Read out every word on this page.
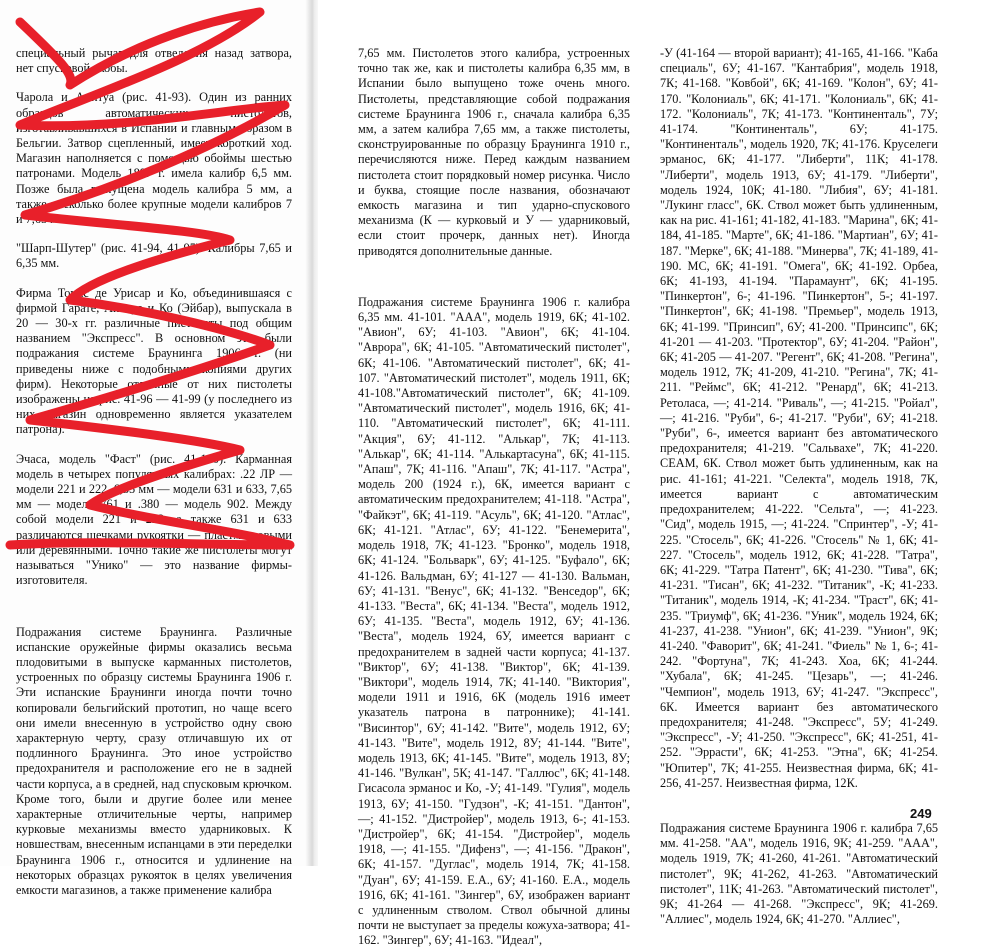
специальный рычаг для отведения назад затвора, нет спусковой скобы.

Чарола и Анитуа (рис. 41-93). Один из ранних образцов автоматических пистолетов, изготавливавшихся в Испании и главным образом в Бельгии. Затвор сцепленный, имеет короткий ход. Магазин наполняется с помощью обоймы шестью патронами. Модель 1897 г. имела калибр 6,5 мм. Позже была выпущена модель калибра 5 мм, а также несколько более крупные модели калибров 7 и 7,65 мм.

"Шарп-Шутер" (рис. 41-94, 41-95). Калибры 7,65 и 6,35 мм.

Фирма Томас де Урисар и Ко, объединившаяся с фирмой Гарате, Анитуа и Ко (Эйбар), выпускала в 20 — 30-х гг. различные пистолеты под общим названием "Экспресс". В основном это были подражания системе Браунинга 1906 г. (ни приведены ниже с подобными копиями других фирм). Некоторые отличные от них пистолеты изображены на рис. 41-96 — 41-99 (у последнего из них магазин одновременно является указателем патрона).

Эчаса, модель "Фаст" (рис. 41-100). Карманная модель в четырех популярных калибрах: .22 ЛР — модели 221 и 222, 6,35 мм — модели 631 и 633, 7,65 мм — модели 761 и .380 — модель 902. Между собой модели 221 и 222, а также 631 и 633 различаются щечками рукоятки — пластмассовыми или деревянными. Точно такие же пистолеты могут называться "Унико" — это название фирмы-изготовителя.

Подражания системе Браунинга. Различные испанские оружейные фирмы оказались весьма плодовитыми в выпуске карманных пистолетов, устроенных по образцу системы Браунинга 1906 г. Эти испанские Браунинги иногда почти точно копировали бельгийский прототип, но чаще всего они имели внесенную в устройство одну свою характерную черту, сразу отличавшую их от подлинного Браунинга. Это иное устройство предохранителя и расположение его не в задней части корпуса, а в средней, над спусковым крючком. Кроме того, были и другие более или менее характерные отличительные черты, например курковые механизмы вместо ударниковых. К новшествам, внесенным испанцами в эти переделки Браунинга 1906 г., относится и удлинение на некоторых образцах рукояток в целях увеличения емкости магазинов, а также применение калибра

7,65 мм. Пистолетов этого калибра, устроенных точно так же, как и пистолеты калибра 6,35 мм, в Испании было выпущено тоже очень много. Пистолеты, представляющие собой подражания системе Браунинга 1906 г., сначала калибра 6,35 мм, а затем калибра 7,65 мм, а также пистолеты, сконструированные по образцу Браунинга 1910 г., перечисляются ниже. Перед каждым названием пистолета стоит порядковый номер рисунка. Число и буква, стоящие после названия, обозначают емкость магазина и тип ударно-спускового механизма (К — курковый и У — ударниковый, если стоит прочерк, данных нет). Иногда приводятся дополнительные данные.

Подражания системе Браунинга 1906 г. калибра 6,35 мм. 41-101. "ААА", модель 1919, 6К; 41-102. "Авион", 6У; 41-103. "Авион", 6К; 41-104. "Аврора", 6К; 41-105. "Автоматический пистолет", 6К; 41-106. "Автоматический пистолет", 6К; 41-107. "Автоматический пистолет", модель 1911, 6К; 41-108."Автоматический пистолет", 6К; 41-109. "Автоматический пистолет", модель 1916, 6К; 41-110. "Автоматический пистолет", 6К; 41-111. "Акция", 6У; 41-112. "Алькар", 7К; 41-113. "Алькар", 6К; 41-114. "Алькартасуна", 6К; 41-115. "Апаш", 7К; 41-116. "Апаш", 7К; 41-117. "Астра", модель 200 (1924 г.), 6К, имеется вариант с автоматическим предохранителем; 41-118. "Астра", "Файкэт", 6К; 41-119. "Асуль", 6К; 41-120. "Атлас", 6К; 41-121. "Атлас", 6У; 41-122. "Бенемерита", модель 1918, 7К; 41-123. "Бронко", модель 1918, 6К; 41-124. "Больварк", 6У; 41-125. "Буфало", 6К; 41-126. Вальдман, 6У; 41-127 — 41-130. Вальман, 6У; 41-131. "Венус", 6К; 41-132. "Венседор", 6К; 41-133. "Веста", 6К; 41-134. "Веста", модель 1912, 6У; 41-135. "Веста", модель 1912, 6У; 41-136. "Веста", модель 1924, 6У, имеется вариант с предохранителем в задней части корпуса; 41-137. "Виктор", 6У; 41-138. "Виктор", 6К; 41-139. "Виктори", модель 1914, 7К; 41-140. "Виктория", модели 1911 и 1916, 6К (модель 1916 имеет указатель патрона в патроннике); 41-141. "Висинтор", 6У; 41-142. "Вите", модель 1912, 6У; 41-143. "Вите", модель 1912, 8У; 41-144. "Вите", модель 1913, 6К; 41-145. "Вите", модель 1913, 8У; 41-146. "Вулкан", 5К; 41-147. "Галлюс", 6К; 41-148. Гисасола эрманос и Ко, -У; 41-149. "Гулия", модель 1913, 6У; 41-150. "Гудзон", -К; 41-151. "Дантон", —; 41-152. "Дистройер", модель 1913, 6-; 41-153. "Дистройер", 6К; 41-154. "Дистройер", модель 1918, —; 41-155. "Дифенз", —; 41-156. "Дракон", 6К; 41-157. "Дуглас", модель 1914, 7К; 41-158. "Дуан", 6У; 41-159. Е.А., 6У; 41-160. Е.А., модель 1916, 6К; 41-161. "Зингер", 6У, изображен вариант с удлиненным стволом. Ствол обычной длины почти не выступает за пределы кожуха-затвора; 41-162. "Зингер", 6У; 41-163. "Идеал",

-У (41-164 — второй вариант); 41-165, 41-166. "Каба специаль", 6У; 41-167. "Кантабрия", модель 1918, 7К; 41-168. "Ковбой", 6К; 41-169. "Колон", 6У; 41-170. "Колониаль", 6К; 41-171. "Колониаль", 6К; 41-172. "Колониаль", 7К; 41-173. "Континенталь", 7У; 41-174. "Континенталь", 6У; 41-175. "Континенталь", модель 1920, 7К; 41-176. Круселеги эрманос, 6К; 41-177. "Либерти", 11К; 41-178. "Либерти", модель 1913, 6У; 41-179. "Либерти", модель 1924, 10К; 41-180. "Либия", 6У; 41-181. "Лукинг гласс", 6К. Ствол может быть удлиненным, как на рис. 41-161; 41-182, 41-183. "Марина", 6К; 41-184, 41-185. "Марте", 6К; 41-186. "Мартиан", 6У; 41-187. "Мерке", 6К; 41-188. "Минерва", 7К; 41-189, 41-190. МС, 6К; 41-191. "Омега", 6К; 41-192. Орбеа, 6К; 41-193, 41-194. "Парамаунт", 6К; 41-195. "Пинкертон", 6-; 41-196. "Пинкертон", 5-; 41-197. "Пинкертон", 6К; 41-198. "Премьер", модель 1913, 6К; 41-199. "Принсип", 6У; 41-200. "Принсипс", 6К; 41-201 — 41-203. "Протектор", 6У; 41-204. "Район", 6К; 41-205 — 41-207. "Регент", 6К; 41-208. "Регина", модель 1912, 7К; 41-209, 41-210. "Регина", 7К; 41-211. "Реймс", 6К; 41-212. "Ренард", 6К; 41-213. Ретоласа, —; 41-214. "Риваль", —; 41-215. "Ройал", —; 41-216. "Руби", 6-; 41-217. "Руби", 6У; 41-218. "Руби", 6-, имеется вариант без автоматического предохранителя; 41-219. "Сальвахе", 7К; 41-220. СЕАМ, 6К. Ствол может быть удлиненным, как на рис. 41-161; 41-221. "Селекта", модель 1918, 7К, имеется вариант с автоматическим предохранителем; 41-222. "Сельта", —; 41-223. "Сид", модель 1915, —; 41-224. "Спринтер", -У; 41-225. "Стосель", 6К; 41-226. "Стосель" № 1, 6К; 41-227. "Стосель", модель 1912, 6К; 41-228. "Татра", 6К; 41-229. "Татра Патент", 6К; 41-230. "Тива", 6К; 41-231. "Тисан", 6К; 41-232. "Титаник", -К; 41-233. "Титаник", модель 1914, -К; 41-234. "Траст", 6К; 41-235. "Триумф", 6К; 41-236. "Уник", модель 1924, 6К; 41-237, 41-238. "Унион", 6К; 41-239. "Унион", 9К; 41-240. "Фаворит", 6К; 41-241. "Фиель" № 1, 6-; 41-242. "Фортуна", 7К; 41-243. Хоа, 6К; 41-244. "Хубала", 6К; 41-245. "Цезарь", —; 41-246. "Чемпион", модель 1913, 6У; 41-247. "Экспресс", 6К. Имеется вариант без автоматического предохранителя; 41-248. "Экспресс", 5У; 41-249. "Экспресс", -У; 41-250. "Экспресс", 6К; 41-251, 41-252. "Эррасти", 6К; 41-253. "Этна", 6К; 41-254. "Юпитер", 7К; 41-255. Неизвестная фирма, 6К; 41-256, 41-257. Неизвестная фирма, 12К.

Подражания системе Браунинга 1906 г. калибра 7,65 мм. 41-258. "АА", модель 1916, 9К; 41-259. "ААА", модель 1919, 7К; 41-260, 41-261. "Автоматический пистолет", 9К; 41-262, 41-263. "Автоматический пистолет", 11К; 41-263. "Автоматический пистолет", 9К; 41-264 — 41-268. "Экспресс", 9К; 41-269. "Аллиес", модель 1924, 6К; 41-270. "Аллиес",

249
